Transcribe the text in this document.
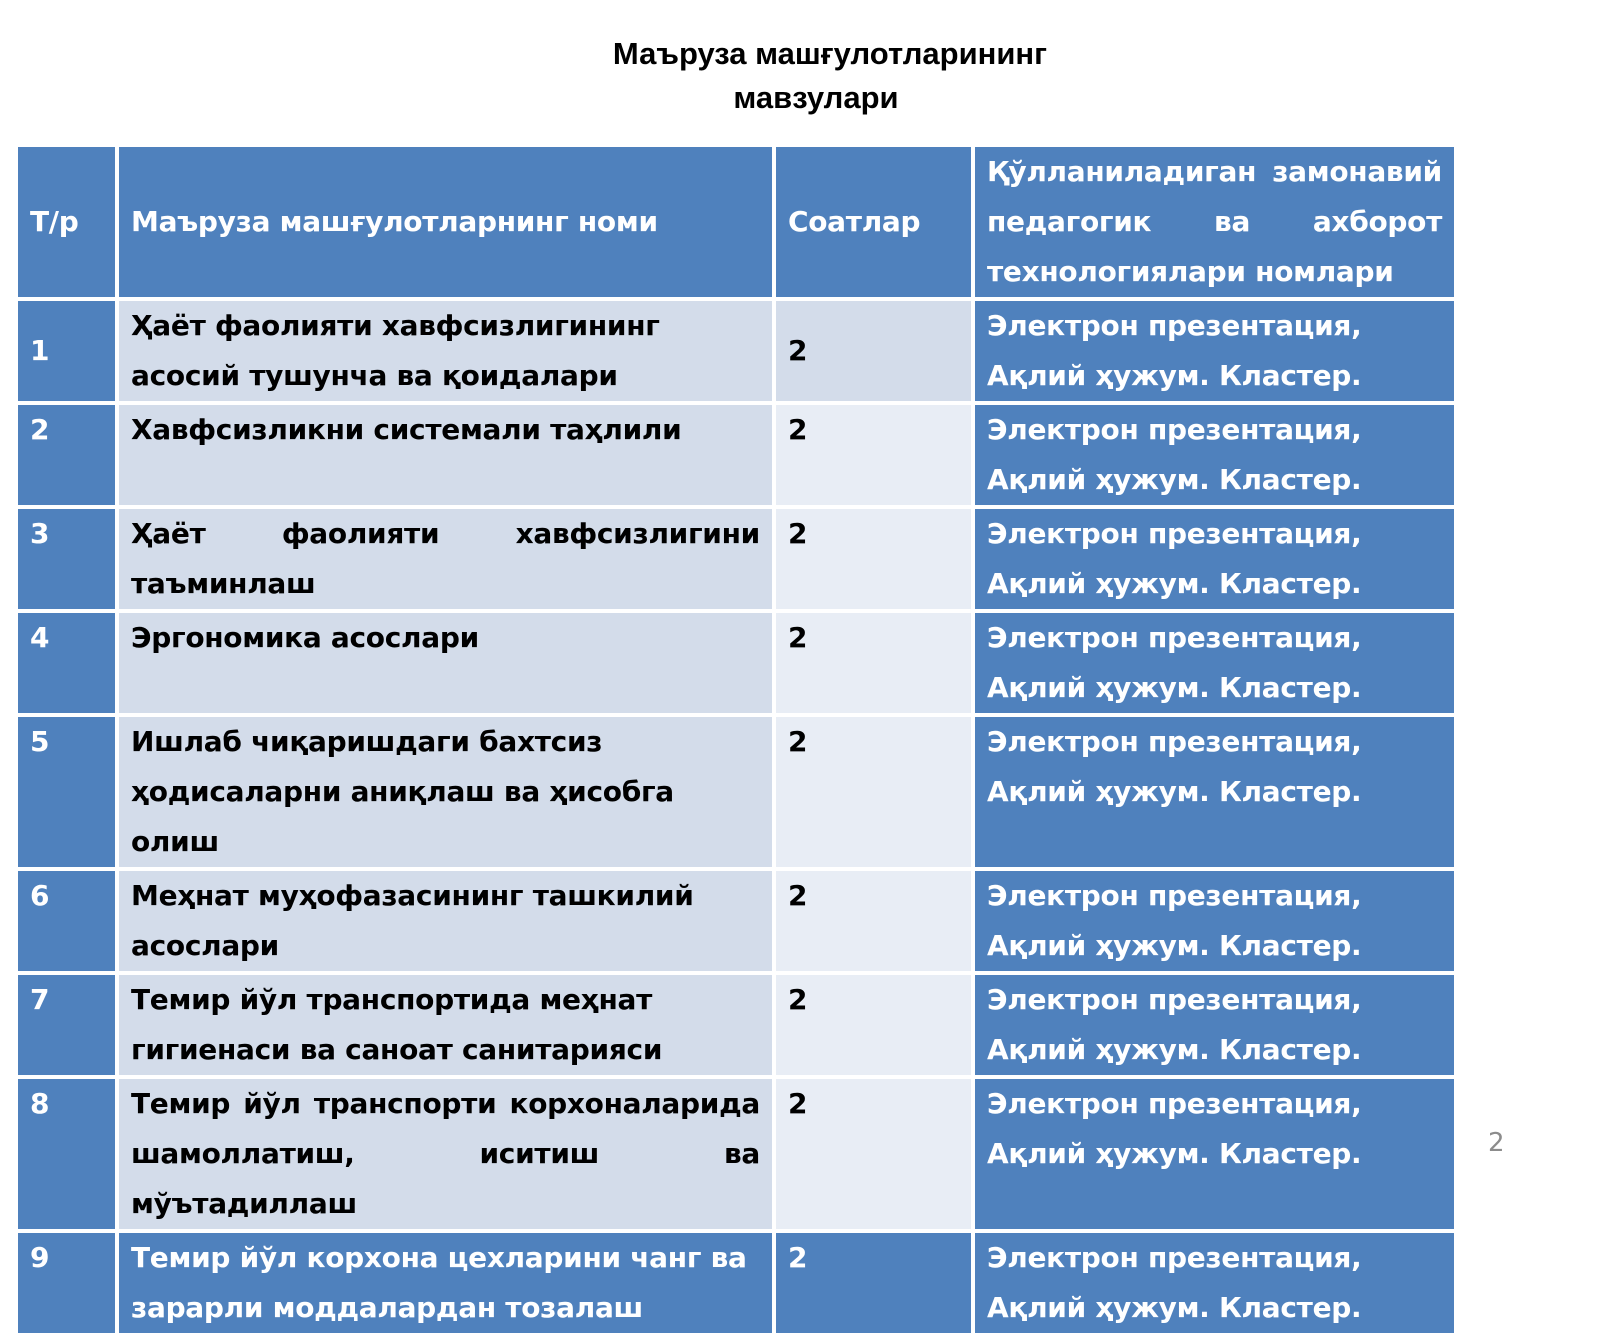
Маъруза машғулотларининг
мавзулари
Т/р	Маъруза машғулотларнинг номи	Соатлар	Қўлланиладиган замонавий педагогик ва ахборот технологиялари номлари
1	Ҳаёт фаолияти хавфсизлигининг асосий тушунча ва қоидалари	2	Электрон презентация,
Ақлий ҳужум. Кластер.
2	Хавфсизликни системали таҳлили	2	Электрон презентация,
Ақлий ҳужум. Кластер.
3	Ҳаёт фаолияти хавфсизлигини таъминлаш	2	Электрон презентация,
Ақлий ҳужум. Кластер.
4	Эргономика асослари	2	Электрон презентация,
Ақлий ҳужум. Кластер.
5	Ишлаб чиқаришдаги бахтсиз ҳодисаларни аниқлаш ва ҳисобга олиш	2	Электрон презентация,
Ақлий ҳужум. Кластер.
6	Меҳнат муҳофазасининг ташкилий асослари	2	Электрон презентация,
Ақлий ҳужум. Кластер.
7	Темир йўл транспортида меҳнат гигиенаси ва саноат санитарияси	2	Электрон презентация,
Ақлий ҳужум. Кластер.
8	Темир йўл транспорти корхоналарида шамоллатиш, иситиш ва мўътадиллаш	2	Электрон презентация,
Ақлий ҳужум. Кластер.
9	Темир йўл корхона цехларини чанг ва зарарли моддалардан тозалаш	2	Электрон презентация,
Ақлий ҳужум. Кластер.
2
